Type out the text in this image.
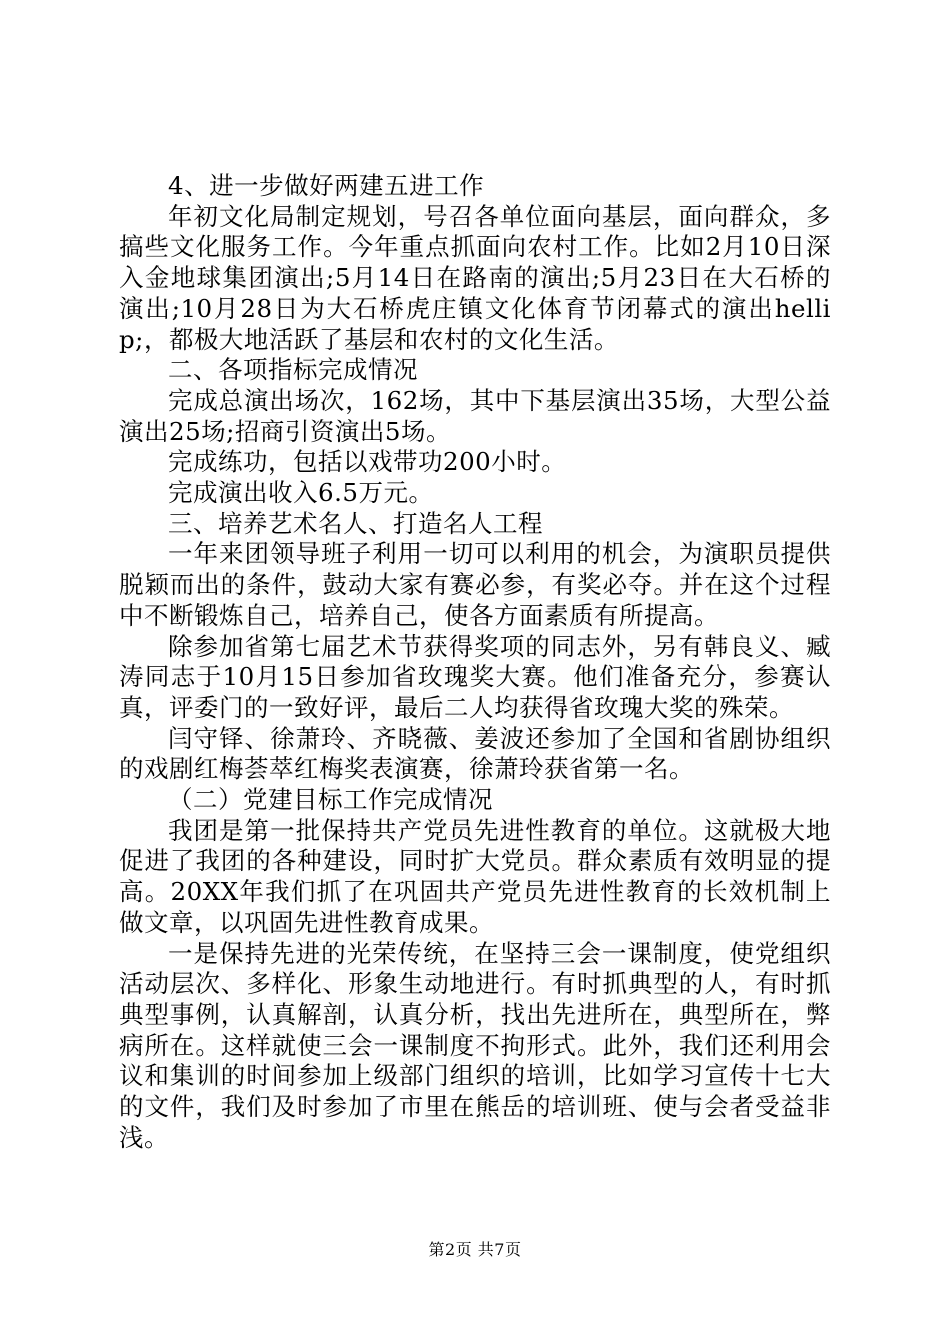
4、进一步做好两建五进工作

年初文化局制定规划，号召各单位面向基层，面向群众，多搞些文化服务工作。今年重点抓面向农村工作。比如2月10日深入金地球集团演出;5月14日在路南的演出;5月23日在大石桥的演出;10月28日为大石桥虎庄镇文化体育节闭幕式的演出hellip;，都极大地活跃了基层和农村的文化生活。

二、各项指标完成情况

完成总演出场次，162场，其中下基层演出35场，大型公益演出25场;招商引资演出5场。

完成练功，包括以戏带功200小时。

完成演出收入6.5万元。

三、培养艺术名人、打造名人工程

一年来团领导班子利用一切可以利用的机会，为演职员提供脱颖而出的条件，鼓动大家有赛必参，有奖必夺。并在这个过程中不断锻炼自己，培养自己，使各方面素质有所提高。

除参加省第七届艺术节获得奖项的同志外，另有韩良义、臧涛同志于10月15日参加省玫瑰奖大赛。他们准备充分，参赛认真，评委门的一致好评，最后二人均获得省玫瑰大奖的殊荣。

闫守铎、徐萧玲、齐晓薇、姜波还参加了全国和省剧协组织的戏剧红梅荟萃红梅奖表演赛，徐萧玲获省第一名。

（二）党建目标工作完成情况

我团是第一批保持共产党员先进性教育的单位。这就极大地促进了我团的各种建设，同时扩大党员。群众素质有效明显的提高。20XX年我们抓了在巩固共产党员先进性教育的长效机制上做文章，以巩固先进性教育成果。

一是保持先进的光荣传统，在坚持三会一课制度，使党组织活动层次、多样化、形象生动地进行。有时抓典型的人，有时抓典型事例，认真解剖，认真分析，找出先进所在，典型所在，弊病所在。这样就使三会一课制度不拘形式。此外，我们还利用会议和集训的时间参加上级部门组织的培训，比如学习宣传十七大的文件，我们及时参加了市里在熊岳的培训班、使与会者受益非浅。

第2页 共7页
